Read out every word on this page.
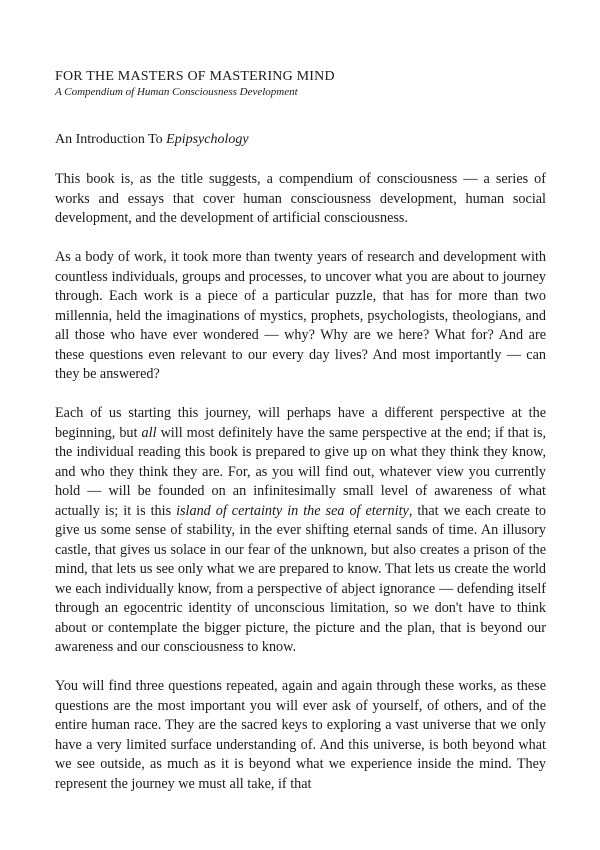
FOR THE MASTERS OF MASTERING MIND

A Compendium of Human Consciousness Development

An Introduction To Epipsychology

This book is, as the title suggests, a compendium of consciousness — a series of works and essays that cover human consciousness development, human social development, and the development of artificial consciousness.

As a body of work, it took more than twenty years of research and development with countless individuals, groups and processes, to uncover what you are about to journey through. Each work is a piece of a particular puzzle, that has for more than two millennia, held the imaginations of mystics, prophets, psychologists, theologians, and all those who have ever wondered — why? Why are we here? What for? And are these questions even relevant to our every day lives? And most importantly — can they be answered?

Each of us starting this journey, will perhaps have a different perspective at the beginning, but all will most definitely have the same perspective at the end; if that is, the individual reading this book is prepared to give up on what they think they know, and who they think they are. For, as you will find out, whatever view you currently hold — will be founded on an infinitesimally small level of awareness of what actually is; it is this island of certainty in the sea of eternity, that we each create to give us some sense of stability, in the ever shifting eternal sands of time. An illusory castle, that gives us solace in our fear of the unknown, but also creates a prison of the mind, that lets us see only what we are prepared to know. That lets us create the world we each individually know, from a perspective of abject ignorance — defending itself through an egocentric identity of unconscious limitation, so we don't have to think about or contemplate the bigger picture, the picture and the plan, that is beyond our awareness and our consciousness to know.

You will find three questions repeated, again and again through these works, as these questions are the most important you will ever ask of yourself, of others, and of the entire human race. They are the sacred keys to exploring a vast universe that we only have a very limited surface understanding of. And this universe, is both beyond what we see outside, as much as it is beyond what we experience inside the mind. They represent the journey we must all take, if that
